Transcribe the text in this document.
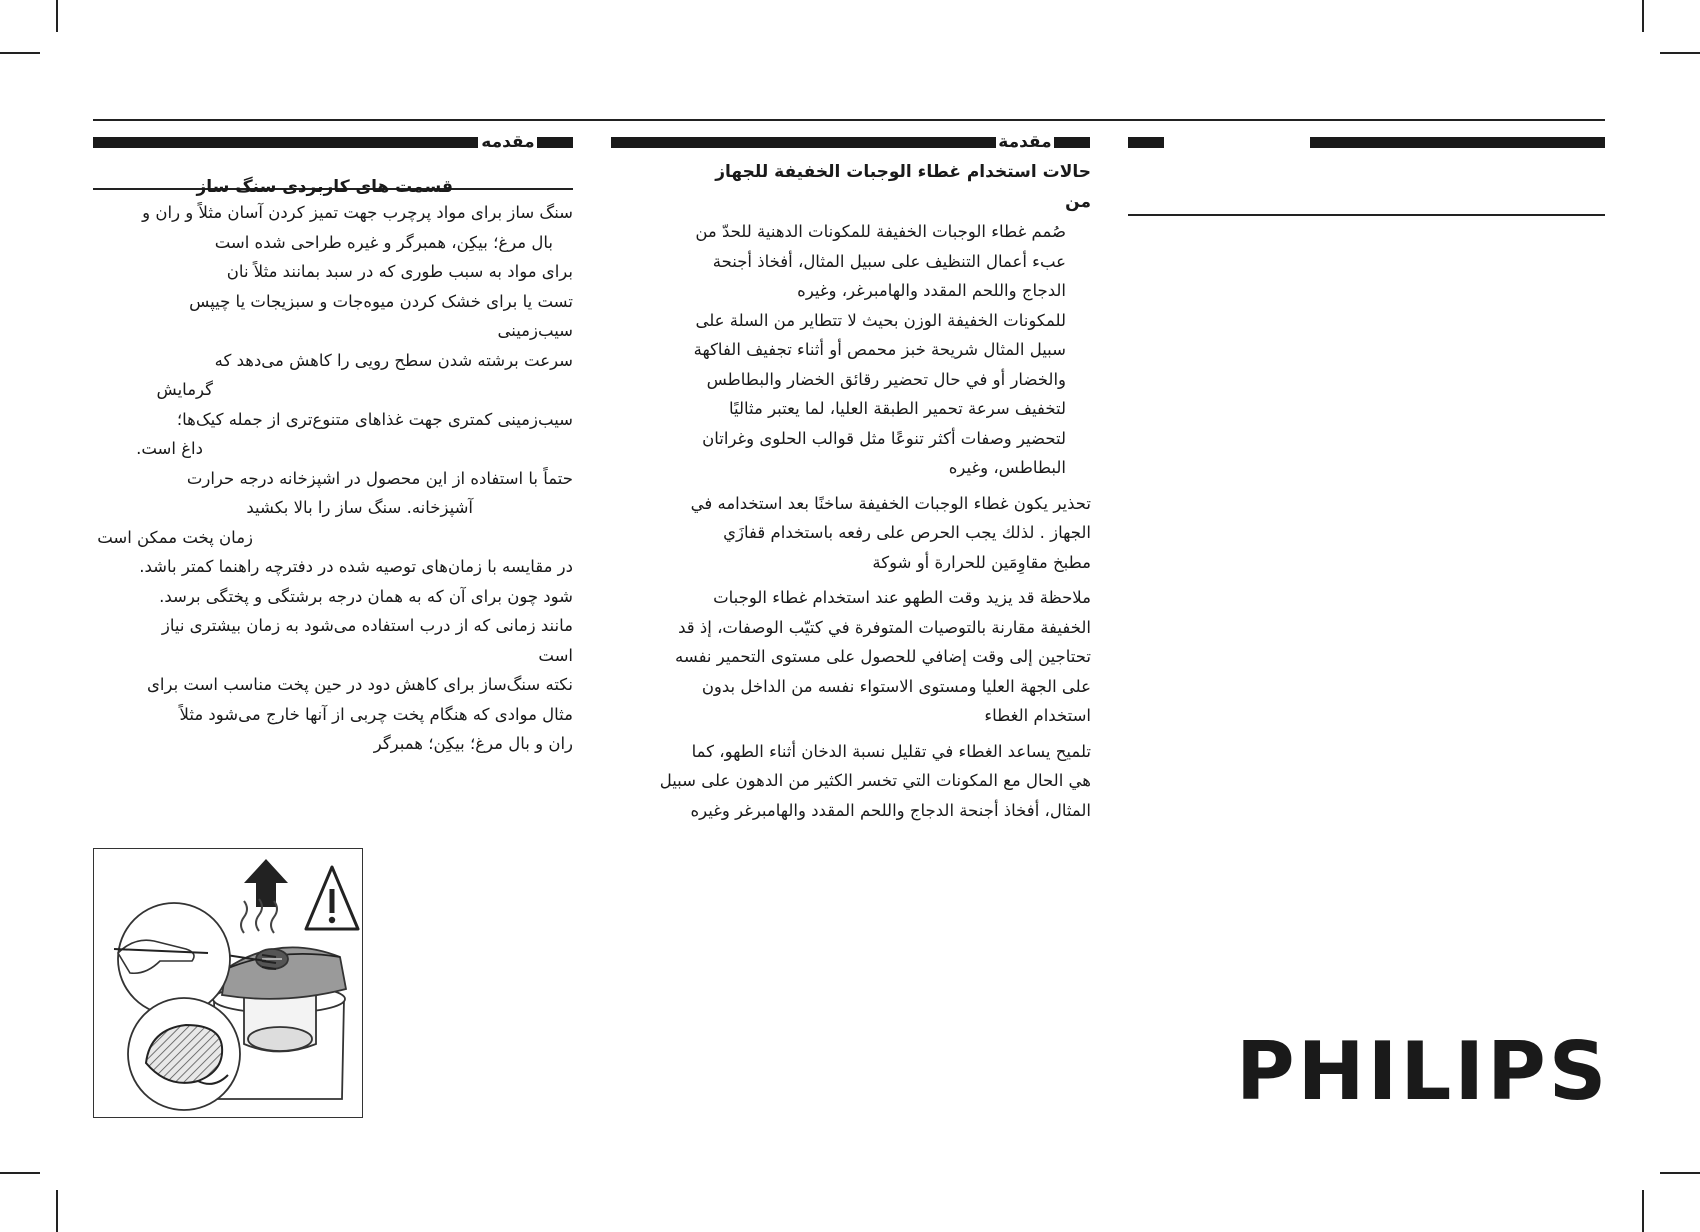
مقدمه	مقدمة
قسمت های کاربردی سنگ ساز
سنگ ساز برای مواد پرچرب جهت تمیز کردن آسان مثلاً و ران و
بال مرغ؛ بیکِن، همبرگر و غیره طراحی شده است
برای مواد به سبب طوری که در سبد بمانند مثلاً نان
تست یا برای خشک کردن میوه‌جات و سبزیجات یا چیپس
سیب‌زمینی
سرعت برشته شدن سطح رویی را کاهش می‌دهد که
گرمایش
سیب‌زمینی کمتری جهت غذاهای متنوع‌تری از جمله کیک‌ها؛
داغ است.
حتماً با استفاده از این محصول در اشپزخانه درجه حرارت
آشپزخانه. سنگ ساز را بالا بکشید
زمان پخت ممکن است
در مقایسه با زمان‌های توصیه شده در دفترچه راهنما کمتر باشد.
شود چون برای آن که به همان درجه برشتگی و پختگی برسد.
مانند زمانی که از درب استفاده می‌شود به زمان بیشتری نیاز
است
نکته سنگ‌ساز برای کاهش دود در حین پخت مناسب است برای
مثال موادی که هنگام پخت چربی از آنها خارج می‌شود مثلاً
ران و بال مرغ؛ بیکِن؛ همبرگر
حالات استخدام غطاء الوجبات الخفيفة للجهاز
من
صُمم غطاء الوجبات الخفيفة للمكونات الدهنية للحدّ من
عبء أعمال التنظيف على سبيل المثال، أفخاذ أجنحة
الدجاج واللحم المقدد والهامبرغر، وغيره
للمكونات الخفيفة الوزن بحيث لا تتطاير من السلة على
سبيل المثال شريحة خبز محمص أو أثناء تجفيف الفاكهة
والخضار أو في حال تحضير رقائق الخضار والبطاطس
لتخفيف سرعة تحمير الطبقة العليا، لما يعتبر مثاليًا
لتحضير وصفات أكثر تنوعًا مثل قوالب الحلوى وغراتان
البطاطس، وغيره
تحذير يكون غطاء الوجبات الخفيفة ساخنًا بعد استخدامه في
الجهاز . لذلك يجب الحرص على رفعه باستخدام قفازَي
مطبخ مقاوِمَين للحرارة أو شوكة
ملاحظة قد يزيد وقت الطهو عند استخدام غطاء الوجبات
الخفيفة مقارنة بالتوصيات المتوفرة في كتيّب الوصفات، إذ قد
تحتاجين إلى وقت إضافي للحصول على مستوى التحمير نفسه
على الجهة العليا ومستوى الاستواء نفسه من الداخل بدون
استخدام الغطاء
تلميح يساعد الغطاء في تقليل نسبة الدخان أثناء الطهو، كما
هي الحال مع المكونات التي تخسر الكثير من الدهون على سبيل
المثال، أفخاذ أجنحة الدجاج واللحم المقدد والهامبرغر وغيره
PHILIPS
